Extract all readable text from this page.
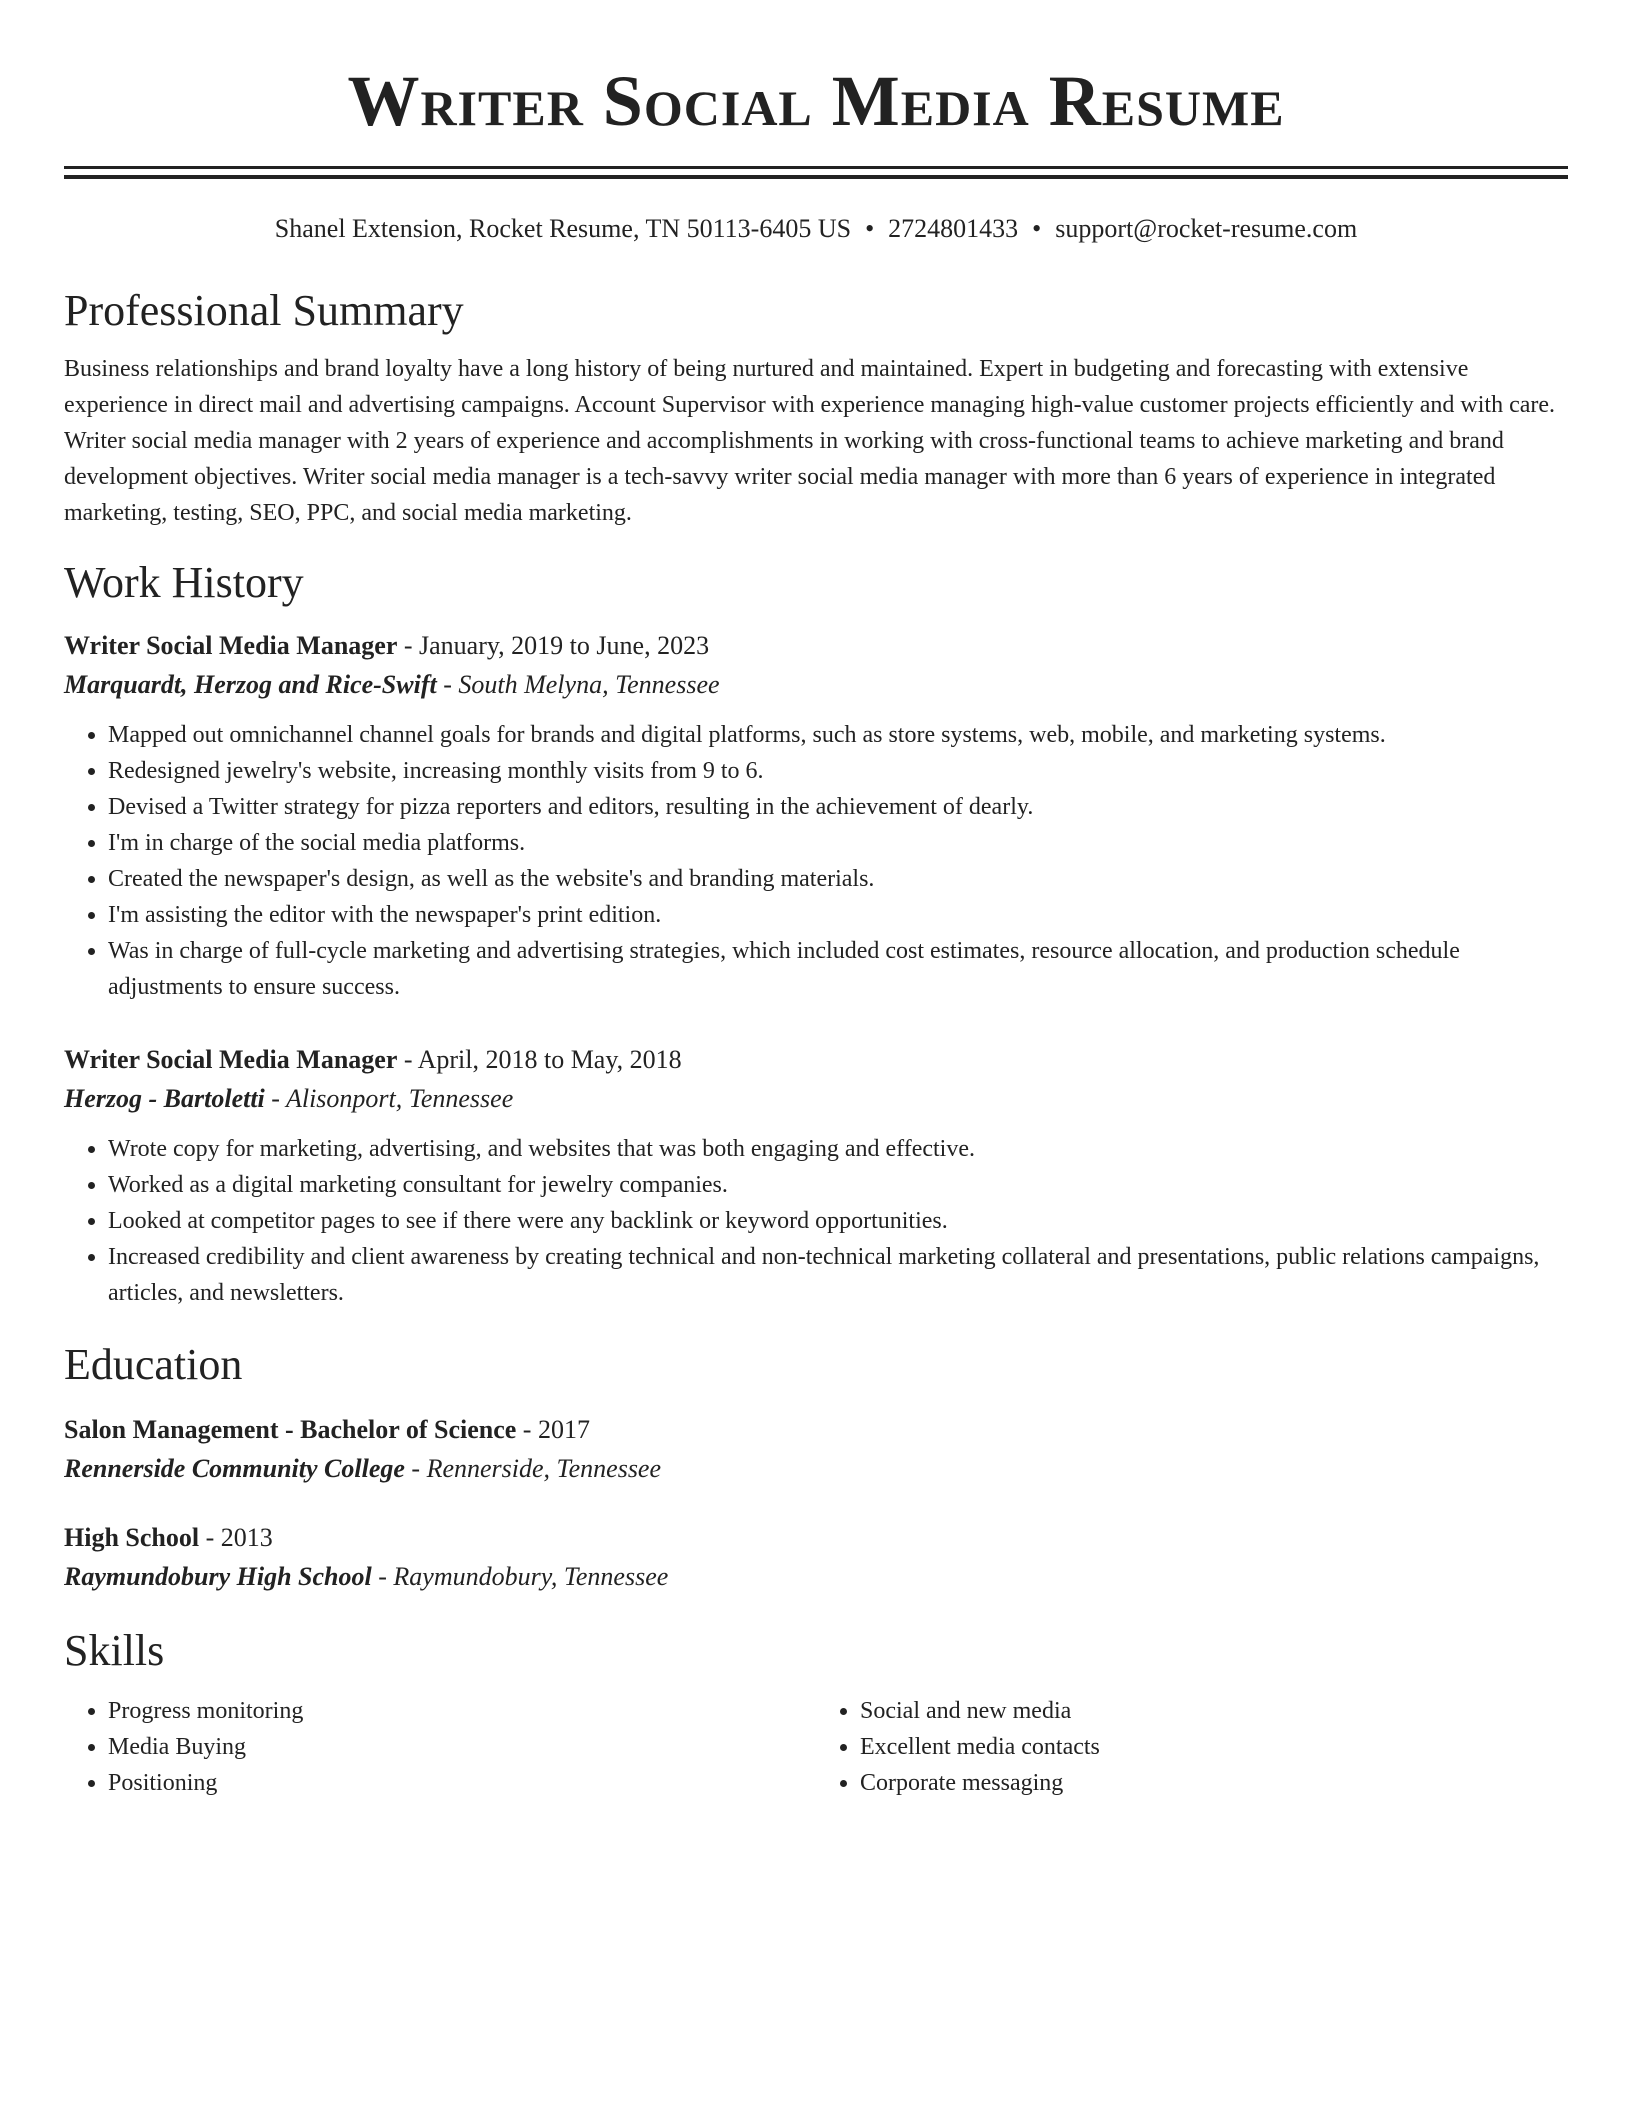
Writer Social Media Resume
Shanel Extension, Rocket Resume, TN 50113-6405 US • 2724801433 • support@rocket-resume.com
Professional Summary

Business relationships and brand loyalty have a long history of being nurtured and maintained. Expert in budgeting and forecasting with extensive experience in direct mail and advertising campaigns. Account Supervisor with experience managing high-value customer projects efficiently and with care. Writer social media manager with 2 years of experience and accomplishments in working with cross-functional teams to achieve marketing and brand development objectives. Writer social media manager is a tech-savvy writer social media manager with more than 6 years of experience in integrated marketing, testing, SEO, PPC, and social media marketing.

Work History
Writer Social Media Manager - January, 2019 to June, 2023
Marquardt, Herzog and Rice-Swift - South Melyna, Tennessee
• Mapped out omnichannel channel goals for brands and digital platforms, such as store systems, web, mobile, and marketing systems.
• Redesigned jewelry's website, increasing monthly visits from 9 to 6.
• Devised a Twitter strategy for pizza reporters and editors, resulting in the achievement of dearly.
• I'm in charge of the social media platforms.
• Created the newspaper's design, as well as the website's and branding materials.
• I'm assisting the editor with the newspaper's print edition.
• Was in charge of full-cycle marketing and advertising strategies, which included cost estimates, resource allocation, and production schedule adjustments to ensure success.
Writer Social Media Manager - April, 2018 to May, 2018
Herzog - Bartoletti - Alisonport, Tennessee
• Wrote copy for marketing, advertising, and websites that was both engaging and effective.
• Worked as a digital marketing consultant for jewelry companies.
• Looked at competitor pages to see if there were any backlink or keyword opportunities.
• Increased credibility and client awareness by creating technical and non-technical marketing collateral and presentations, public relations campaigns, articles, and newsletters.
Education
Salon Management - Bachelor of Science - 2017
Rennerside Community College - Rennerside, Tennessee
High School - 2013
Raymundobury High School - Raymundobury, Tennessee
Skills
• Progress monitoring
• Media Buying
• Positioning
• Social and new media
• Excellent media contacts
• Corporate messaging
